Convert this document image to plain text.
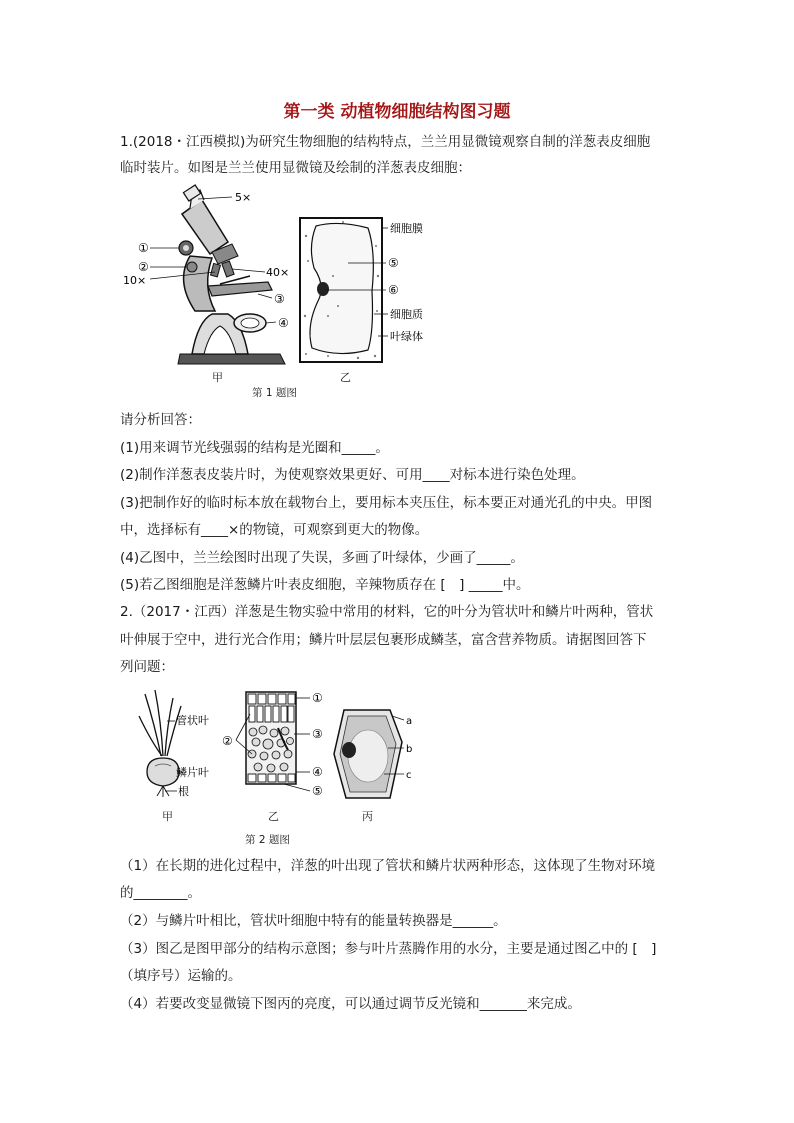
第一类 动植物细胞结构图习题

1.(2018・江西模拟)为研究生物细胞的结构特点，兰兰用显微镜观察自制的洋葱表皮细胞

临时装片。如图是兰兰使用显微镜及绘制的洋葱表皮细胞：

5×
40×
10×
①
②
③
④
细胞膜
⑤
⑥
细胞质
叶绿体
甲	乙
第 1 题图

请分析回答：

(1)用来调节光线强弱的结构是光圈和_____。

(2)制作洋葱表皮装片时，为使观察效果更好、可用____对标本进行染色处理。

(3)把制作好的临时标本放在载物台上，要用标本夹压住，标本要正对通光孔的中央。甲图

中，选择标有____×的物镜，可观察到更大的物像。

(4)乙图中，兰兰绘图时出现了失误，多画了叶绿体，少画了_____。

(5)若乙图细胞是洋葱鳞片叶表皮细胞，辛辣物质存在 [　] _____中。

2.（2017・江西）洋葱是生物实验中常用的材料，它的叶分为管状叶和鳞片叶两种，管状

叶伸展于空中，进行光合作用；鳞片叶层层包裹形成鳞茎，富含营养物质。请据图回答下

列问题：

管状叶
鳞片叶
根
①
②	③
④
⑤
a
b
c
甲	乙	丙
第 2 题图

（1）在长期的进化过程中，洋葱的叶出现了管状和鳞片状两种形态，这体现了生物对环境

的________。

（2）与鳞片叶相比，管状叶细胞中特有的能量转换器是______。

（3）图乙是图甲部分的结构示意图；参与叶片蒸腾作用的水分，主要是通过图乙中的 [　]

（填序号）运输的。

（4）若要改变显微镜下图丙的亮度，可以通过调节反光镜和_______来完成。
